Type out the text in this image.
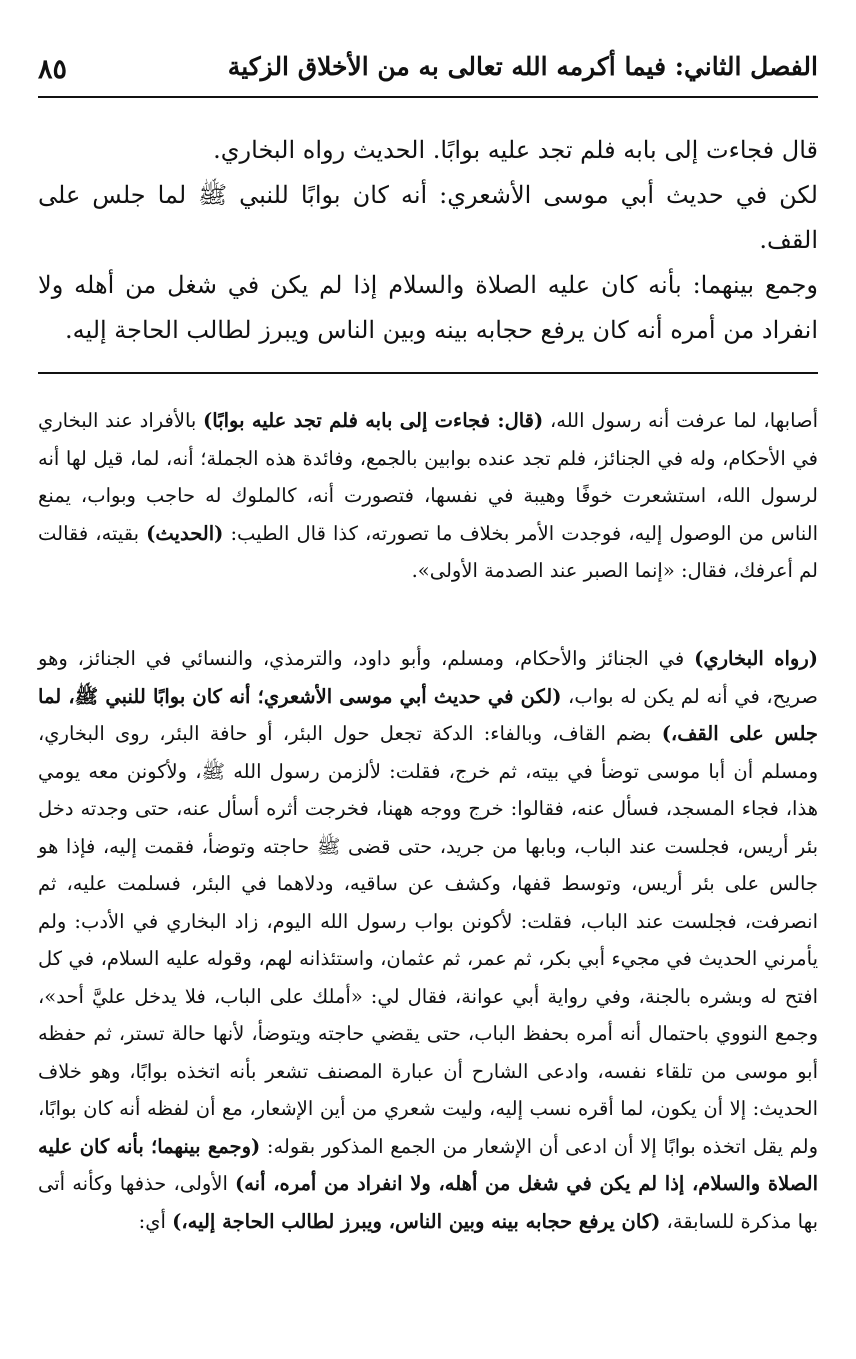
٨٥	الفصل الثاني: فيما أكرمه الله تعالى به من الأخلاق الزكية

قال فجاءت إلى بابه فلم تجد عليه بوابًا. الحديث رواه البخاري.

لكن في حديث أبي موسى الأشعري: أنه كان بوابًا للنبي ﷺ لما جلس على القف.

وجمع بينهما: بأنه كان عليه الصلاة والسلام إذا لم يكن في شغل من أهله ولا انفراد من أمره أنه كان يرفع حجابه بينه وبين الناس ويبرز لطالب الحاجة إليه.

أصابها، لما عرفت أنه رسول الله، (قال: فجاءت إلى بابه فلم تجد عليه بوابًا) بالأفراد عند البخاري في الأحكام، وله في الجنائز، فلم تجد عنده بوابين بالجمع، وفائدة هذه الجملة؛ أنه، لما، قيل لها أنه لرسول الله، استشعرت خوفًا وهيبة في نفسها، فتصورت أنه، كالملوك له حاجب وبواب، يمنع الناس من الوصول إليه، فوجدت الأمر بخلاف ما تصورته، كذا قال الطيب: (الحديث) بقيته، فقالت لم أعرفك، فقال: «إنما الصبر عند الصدمة الأولى».

(رواه البخاري) في الجنائز والأحكام، ومسلم، وأبو داود، والترمذي، والنسائي في الجنائز، وهو صريح، في أنه لم يكن له بواب، (لكن في حديث أبي موسى الأشعري؛ أنه كان بوابًا للنبي ﷺ، لما جلس على القف،) بضم القاف، وبالفاء: الدكة تجعل حول البئر، أو حافة البئر، روى البخاري، ومسلم أن أبا موسى توضأ في بيته، ثم خرج، فقلت: لألزمن رسول الله ﷺ، ولأكونن معه يومي هذا، فجاء المسجد، فسأل عنه، فقالوا: خرج ووجه ههنا، فخرجت أثره أسأل عنه، حتى وجدته دخل بئر أريس، فجلست عند الباب، وبابها من جريد، حتى قضى ﷺ حاجته وتوضأ، فقمت إليه، فإذا هو جالس على بئر أريس، وتوسط قفها، وكشف عن ساقيه، ودلاهما في البئر، فسلمت عليه، ثم انصرفت، فجلست عند الباب، فقلت: لأكونن بواب رسول الله اليوم، زاد البخاري في الأدب: ولم يأمرني الحديث في مجيء أبي بكر، ثم عمر، ثم عثمان، واستئذانه لهم، وقوله عليه السلام، في كل افتح له وبشره بالجنة، وفي رواية أبي عوانة، فقال لي: «أملك على الباب، فلا يدخل عليَّ أحد»، وجمع النووي باحتمال أنه أمره بحفظ الباب، حتى يقضي حاجته ويتوضأ، لأنها حالة تستر، ثم حفظه أبو موسى من تلقاء نفسه، وادعى الشارح أن عبارة المصنف تشعر بأنه اتخذه بوابًا، وهو خلاف الحديث: إلا أن يكون، لما أقره نسب إليه، وليت شعري من أين الإشعار، مع أن لفظه أنه كان بوابًا، ولم يقل اتخذه بوابًا إلا أن ادعى أن الإشعار من الجمع المذكور بقوله: (وجمع بينهما؛ بأنه كان عليه الصلاة والسلام، إذا لم يكن في شغل من أهله، ولا انفراد من أمره، أنه) الأولى، حذفها وكأنه أتى بها مذكرة للسابقة، (كان يرفع حجابه بينه وبين الناس، ويبرز لطالب الحاجة إليه،) أي:
